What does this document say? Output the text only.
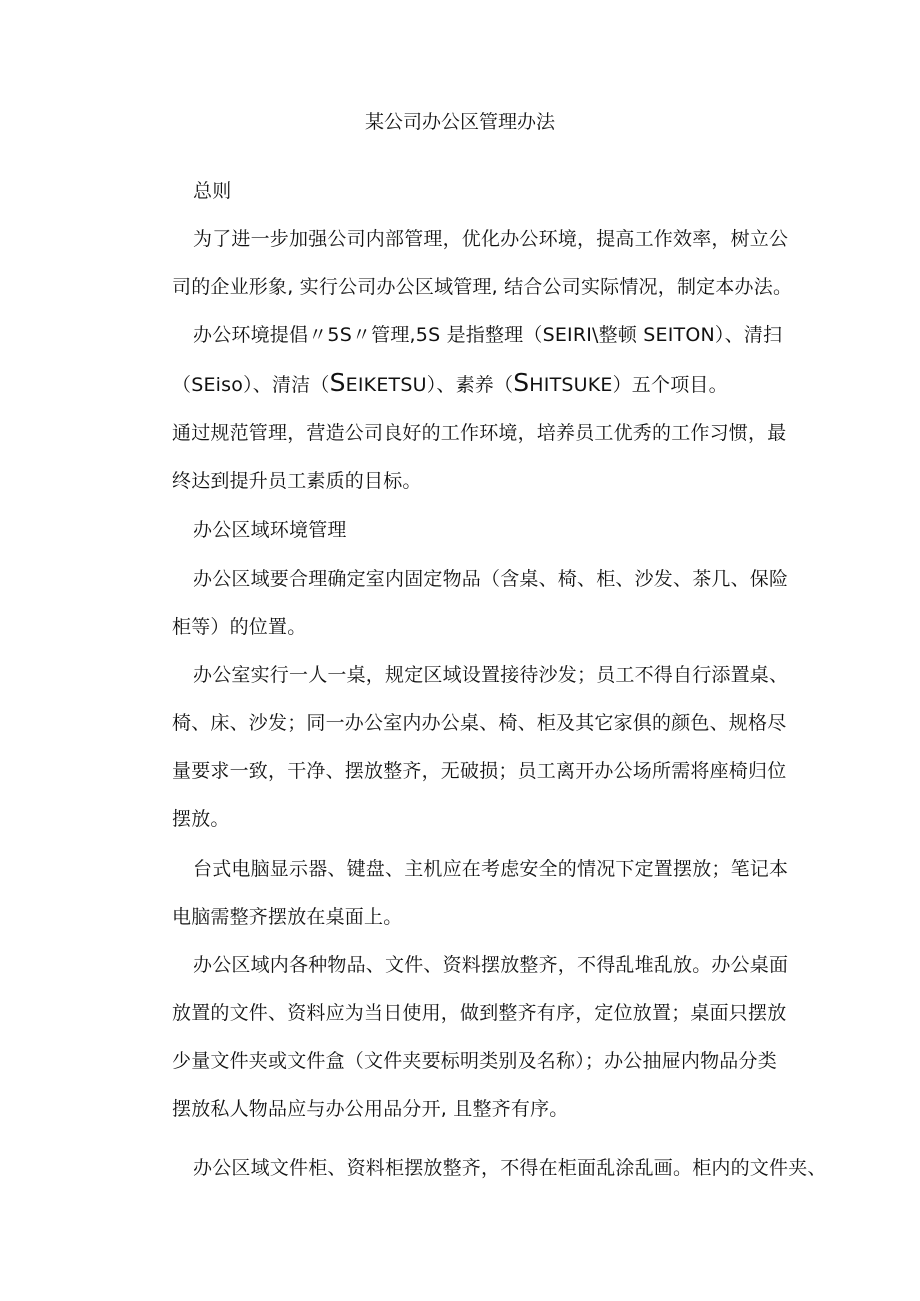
某公司办公区管理办法
总则
为了进一步加强公司内部管理，优化办公环境，提高工作效率，树立公
司的企业形象, 实行公司办公区域管理, 结合公司实际情况，制定本办法。
办公环境提倡〃5S〃管理,5S 是指整理（SEIRI\整顿 SEITON）、清扫
（SEiso）、清洁（SEIKETSU）、素养（SHITSUKE）五个项目。
通过规范管理，营造公司良好的工作环境，培养员工优秀的工作习惯，最
终达到提升员工素质的目标。
办公区域环境管理
办公区域要合理确定室内固定物品（含桌、椅、柜、沙发、茶几、保险
柜等）的位置。
办公室实行一人一桌，规定区域设置接待沙发；员工不得自行添置桌、
椅、床、沙发；同一办公室内办公桌、椅、柜及其它家俱的颜色、规格尽
量要求一致，干净、摆放整齐，无破损；员工离开办公场所需将座椅归位
摆放。
台式电脑显示器、键盘、主机应在考虑安全的情况下定置摆放；笔记本
电脑需整齐摆放在桌面上。
办公区域内各种物品、文件、资料摆放整齐，不得乱堆乱放。办公桌面
放置的文件、资料应为当日使用，做到整齐有序，定位放置；桌面只摆放
少量文件夹或文件盒（文件夹要标明类别及名称）；办公抽屉内物品分类
摆放私人物品应与办公用品分开, 且整齐有序。
办公区域文件柜、资料柜摆放整齐，不得在柜面乱涂乱画。柜内的文件夹、
